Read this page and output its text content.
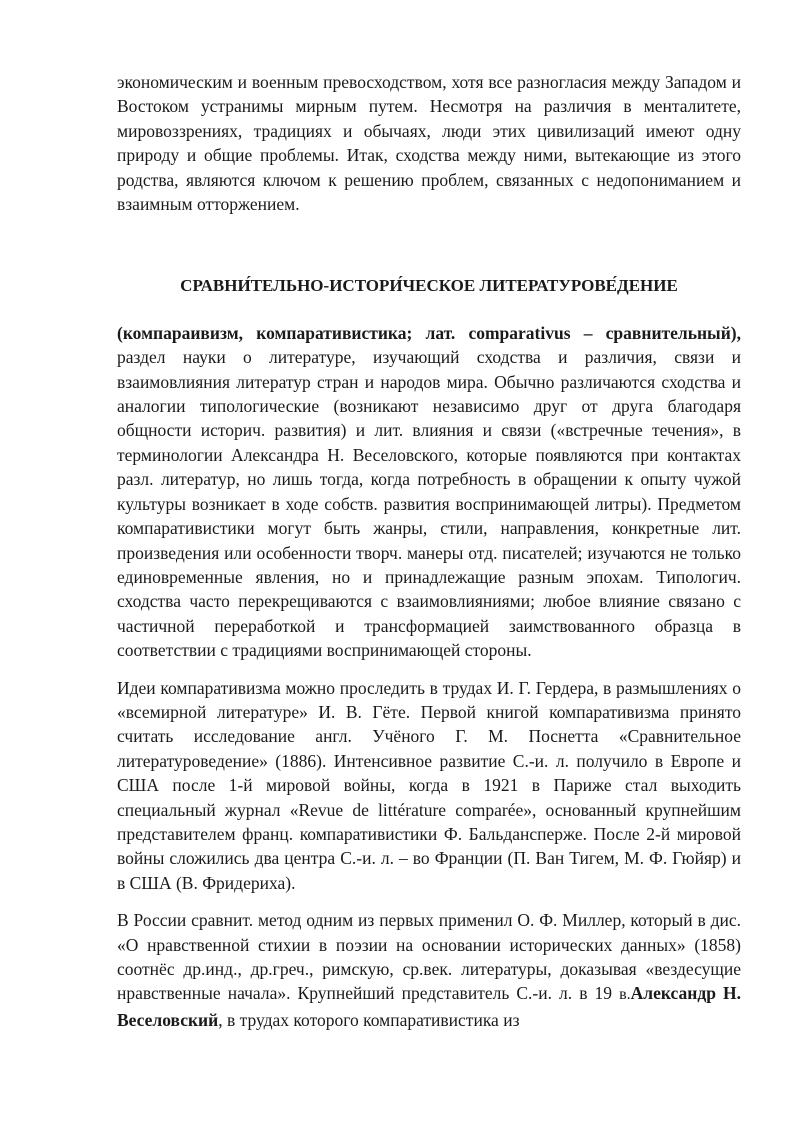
экономическим и военным превосходством, хотя все разногласия между Западом и Востоком устранимы мирным путем. Несмотря на различия в менталитете, мировоззрениях, традициях и обычаях, люди этих цивилизаций имеют одну природу и общие проблемы. Итак, сходства между ними, вытекающие из этого родства, являются ключом к решению проблем, связанных с недопониманием и взаимным отторжением.

СРАВНИ́ТЕЛЬНО-ИСТОРИ́ЧЕСКОЕ ЛИТЕРАТУРОВЕ́ДЕНИЕ

(компараивизм, компаративистика; лат. comparativus – сравнительный), раздел науки о литературе, изучающий сходства и различия, связи и взаимовлияния литератур стран и народов мира. Обычно различаются сходства и аналогии типологические (возникают независимо друг от друга благодаря общности историч. развития) и лит. влияния и связи («встречные течения», в терминологии Александра Н. Веселовского, которые появляются при контактах разл. литератур, но лишь тогда, когда потребность в обращении к опыту чужой культуры возникает в ходе собств. развития воспринимающей литры). Предметом компаративистики могут быть жанры, стили, направления, конкретные лит. произведения или особенности творч. манеры отд. писателей; изучаются не только единовременные явления, но и принадлежащие разным эпохам. Типологич. сходства часто перекрещиваются с взаимовлияниями; любое влияние связано с частичной переработкой и трансформацией заимствованного образца в соответствии с традициями воспринимающей стороны.

Идеи компаративизма можно проследить в трудах И. Г. Гердера, в размышлениях о «всемирной литературе» И. В. Гёте. Первой книгой компаративизма принято считать исследование англ. Учёного Г. М. Поснетта «Сравнительное литературоведение» (1886). Интенсивное развитие С.-и. л. получило в Европе и США после 1-й мировой войны, когда в 1921 в Париже стал выходить специальный журнал «Revue de littérature comparée», основанный крупнейшим представителем франц. компаративистики Ф. Бальдансперже. После 2-й мировой войны сложились два центра С.-и. л. – во Франции (П. Ван Тигем, М. Ф. Гюйяр) и в США (В. Фридериха).

В России сравнит. метод одним из первых применил О. Ф. Миллер, который в дис. «О нравственной стихии в поэзии на основании исторических данных» (1858) соотнёс др.инд., др.греч., римскую, ср.век. литературы, доказывая «вездесущие нравственные начала». Крупнейший представитель С.-и. л. в 19 в.Александр Н. Веселовский, в трудах которого компаративистика из
